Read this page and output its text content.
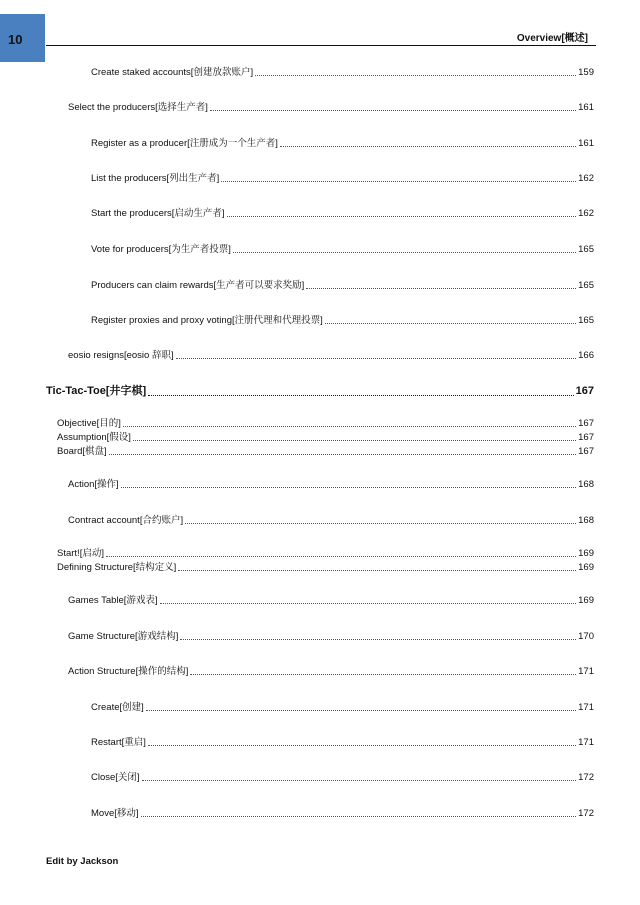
10	Overview[概述]
Create staked accounts[创建放款账户]	159
Select the producers[选择生产者]	161
Register as a producer[注册成为一个生产者]	161
List the producers[列出生产者]	162
Start the producers[启动生产者]	162
Vote for producers[为生产者投票]	165
Producers can claim rewards[生产者可以要求奖励]	165
Register proxies and proxy voting[注册代理和代理投票]	165
eosio resigns[eosio 辞职]	166
Tic-Tac-Toe[井字棋]	167
Objective[目的]	167
Assumption[假设]	167
Board[棋盘]	167
Action[操作]	168
Contract account[合约账户]	168
Start![启动]	169
Defining Structure[结构定义]	169
Games Table[游戏表]	169
Game Structure[游戏结构]	170
Action Structure[操作的结构]	171
Create[创建]	171
Restart[重启]	171
Close[关闭]	172
Move[移动]	172
Edit by Jackson
